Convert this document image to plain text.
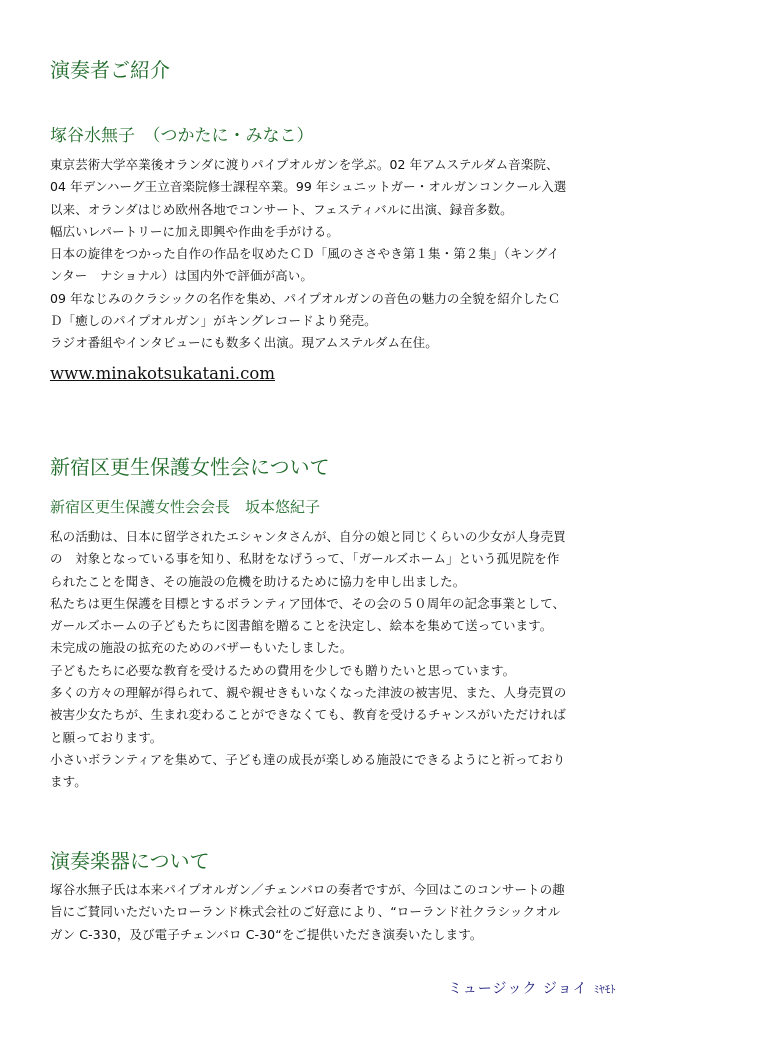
演奏者ご紹介
塚谷水無子　（つかたに・みなこ）
東京芸術大学卒業後オランダに渡りパイプオルガンを学ぶ。02 年アムステルダム音楽院、
04 年デンハーグ王立音楽院修士課程卒業。99 年シュニットガー・オルガンコンクール入選
以来、オランダはじめ欧州各地でコンサート、フェスティバルに出演、録音多数。
幅広いレパートリーに加え即興や作曲を手がける。
日本の旋律をつかった自作の作品を収めたＣＤ「風のささやき第１集・第２集」（キングイ
ンター　ナショナル）は国内外で評価が高い。
09 年なじみのクラシックの名作を集め、パイプオルガンの音色の魅力の全貌を紹介したＣ
Ｄ「癒しのパイプオルガン」がキングレコードより発売。
ラジオ番組やインタビューにも数多く出演。現アムステルダム在住。
www.minakotsukatani.com
新宿区更生保護女性会について
新宿区更生保護女性会会長　坂本悠紀子
私の活動は、日本に留学されたエシャンタさんが、自分の娘と同じくらいの少女が人身売買
の　対象となっている事を知り、私財をなげうって、「ガールズホーム」という孤児院を作
られたことを聞き、その施設の危機を助けるために協力を申し出ました。
私たちは更生保護を目標とするボランティア団体で、その会の５０周年の記念事業として、
ガールズホームの子どもたちに図書館を贈ることを決定し、絵本を集めて送っています。
未完成の施設の拡充のためのバザーもいたしました。
子どもたちに必要な教育を受けるための費用を少しでも贈りたいと思っています。
多くの方々の理解が得られて、親や親せきもいなくなった津波の被害児、また、人身売買の
被害少女たちが、生まれ変わることができなくても、教育を受けるチャンスがいただければ
と願っております。
小さいボランティアを集めて、子ども達の成長が楽しめる施設にできるようにと祈っており
ます。
演奏楽器について
塚谷水無子氏は本来パイプオルガン／チェンバロの奏者ですが、今回はこのコンサートの趣
旨にご賛同いただいたローランド株式会社のご好意により、“ローランド社クラシックオル
ガン C-330，及び電子チェンバロ C-30“をご提供いただき演奏いたします。
ミュージック ジョイ ﾐﾔﾓﾄ
